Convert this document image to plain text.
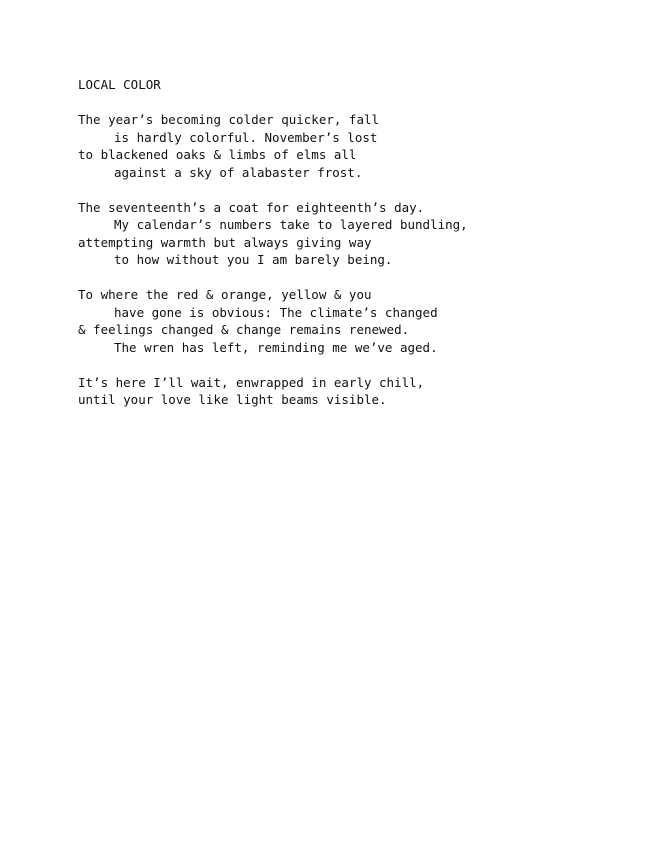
LOCAL COLOR
The year’s becoming colder quicker, fall
is hardly colorful. November’s lost
to blackened oaks & limbs of elms all
against a sky of alabaster frost.
The seventeenth’s a coat for eighteenth’s day.
My calendar’s numbers take to layered bundling,
attempting warmth but always giving way
to how without you I am barely being.
To where the red & orange, yellow & you
have gone is obvious: The climate’s changed
& feelings changed & change remains renewed.
The wren has left, reminding me we’ve aged.
It’s here I’ll wait, enwrapped in early chill,
until your love like light beams visible.
